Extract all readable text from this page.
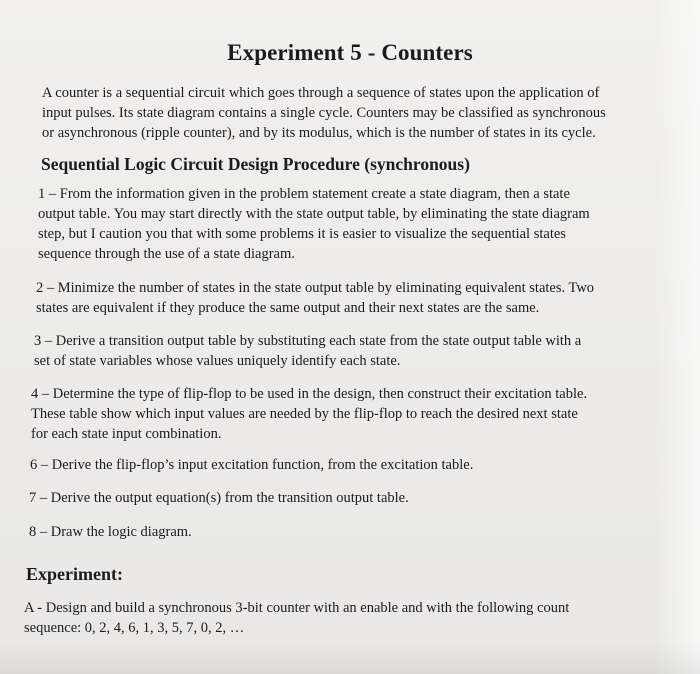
Experiment 5 - Counters

A counter is a sequential circuit which goes through a sequence of states upon the application of
input pulses. Its state diagram contains a single cycle. Counters may be classified as synchronous
or asynchronous (ripple counter), and by its modulus, which is the number of states in its cycle.

Sequential Logic Circuit Design Procedure (synchronous)

1 – From the information given in the problem statement create a state diagram, then a state
output table. You may start directly with the state output table, by eliminating the state diagram
step, but I caution you that with some problems it is easier to visualize the sequential states
sequence through the use of a state diagram.

2 – Minimize the number of states in the state output table by eliminating equivalent states. Two
states are equivalent if they produce the same output and their next states are the same.

3 – Derive a transition output table by substituting each state from the state output table with a
set of state variables whose values uniquely identify each state.

4 – Determine the type of flip-flop to be used in the design, then construct their excitation table.
These table show which input values are needed by the flip-flop to reach the desired next state
for each state input combination.

6 – Derive the flip-flop’s input excitation function, from the excitation table.

7 – Derive the output equation(s) from the transition output table.

8 – Draw the logic diagram.

Experiment:

A - Design and build a synchronous 3-bit counter with an enable and with the following count
sequence: 0, 2, 4, 6, 1, 3, 5, 7, 0, 2, …
